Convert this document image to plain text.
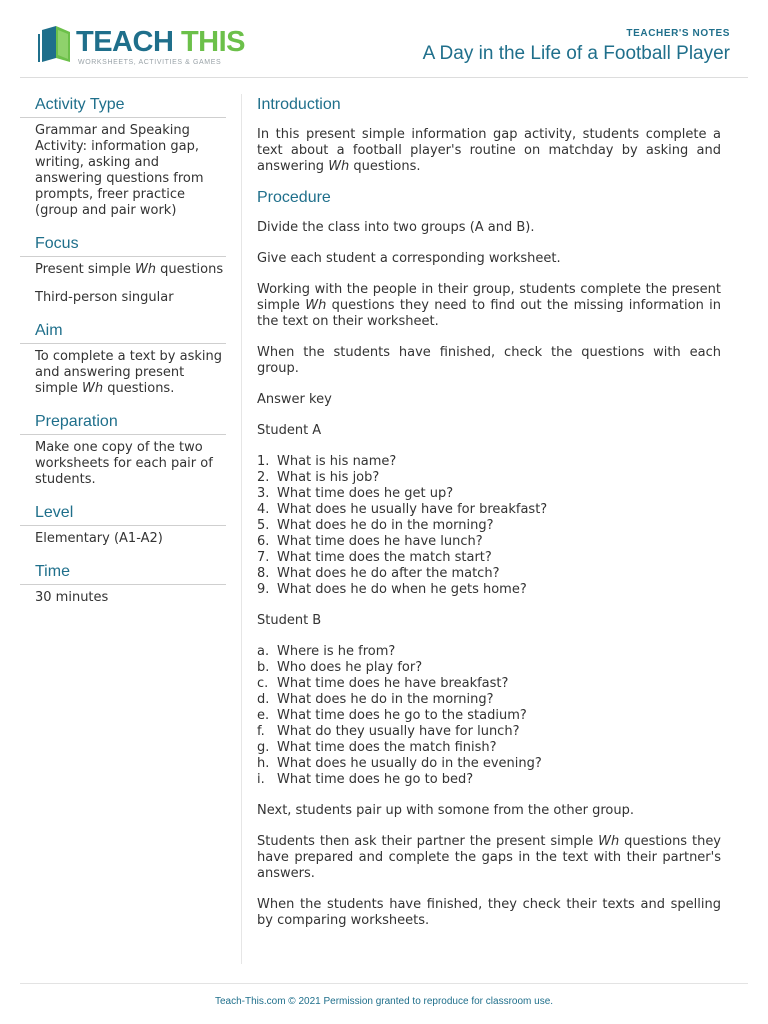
TEACH THIS
WORKSHEETS, ACTIVITIES & GAMES
TEACHER'S NOTES
A Day in the Life of a Football Player
Activity Type

Grammar and Speaking Activity: information gap, writing, asking and answering questions from prompts, freer practice (group and pair work)

Focus

Present simple Wh questions

Third-person singular

Aim

To complete a text by asking and answering present simple Wh questions.

Preparation

Make one copy of the two worksheets for each pair of students.

Level

Elementary (A1-A2)

Time

30 minutes

Introduction

In this present simple information gap activity, students complete a text about a football player's routine on matchday by asking and answering Wh questions.

Procedure

Divide the class into two groups (A and B).

Give each student a corresponding worksheet.

Working with the people in their group, students complete the present simple Wh questions they need to find out the missing information in the text on their worksheet.

When the students have finished, check the questions with each group.

Answer key

Student A

1. What is his name?
2. What is his job?
3. What time does he get up?
4. What does he usually have for breakfast?
5. What does he do in the morning?
6. What time does he have lunch?
7. What time does the match start?
8. What does he do after the match?
9. What does he do when he gets home?

Student B

a. Where is he from?
b. Who does he play for?
c. What time does he have breakfast?
d. What does he do in the morning?
e. What time does he go to the stadium?
f. What do they usually have for lunch?
g. What time does the match finish?
h. What does he usually do in the evening?
i. What time does he go to bed?

Next, students pair up with somone from the other group.

Students then ask their partner the present simple Wh questions they have prepared and complete the gaps in the text with their partner's answers.

When the students have finished, they check their texts and spelling by comparing worksheets.

Teach-This.com © 2021 Permission granted to reproduce for classroom use.
